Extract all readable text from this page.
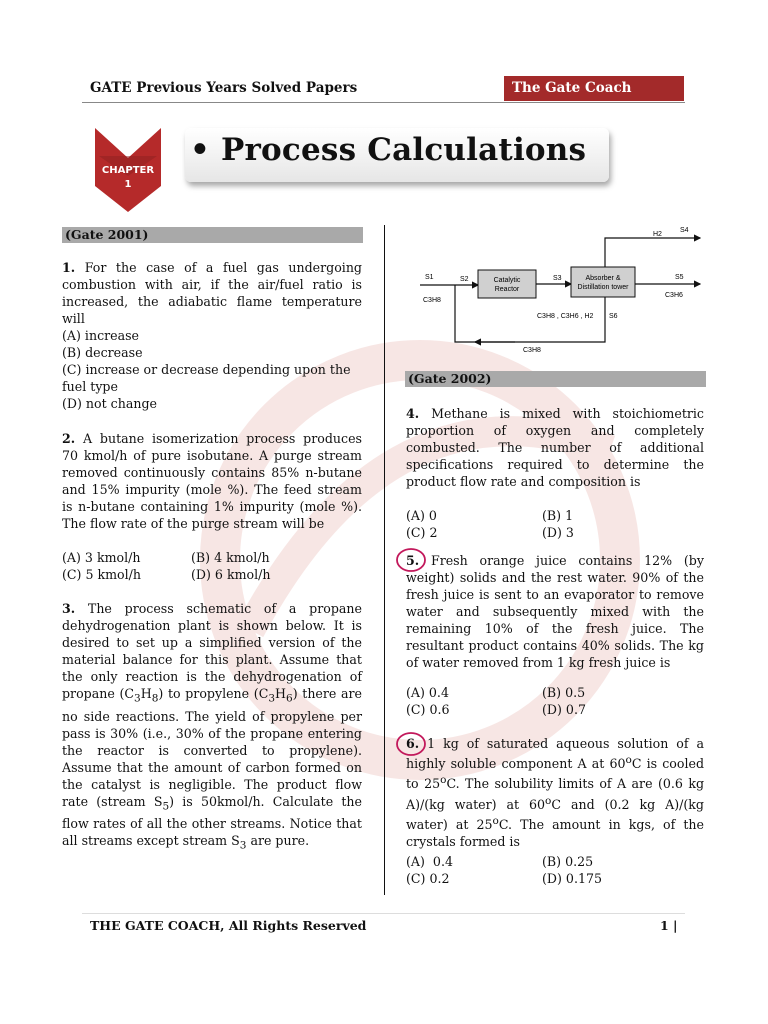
GATE Previous Years Solved Papers	The Gate Coach
CHAPTER
1
• Process Calculations
(Gate 2001)

1. For the case of a fuel gas undergoing combustion with air, if the air/fuel ratio is increased, the adiabatic flame temperature will

(A) increase
(B) decrease
(C) increase or decrease depending upon the fuel type
(D) not change

2. A butane isomerization process produces 70 kmol/h of pure isobutane. A purge stream removed continuously contains 85% n-butane and 15% impurity (mole %). The feed stream is n-butane containing 1% impurity (mole %). The flow rate of the purge stream will be

(A) 3 kmol/h	(B) 4 kmol/h
(C) 5 kmol/h	(D) 6 kmol/h

3. The process schematic of a propane dehydrogenation plant is shown below. It is desired to set up a simplified version of the material balance for this plant. Assume that the only reaction is the dehydrogenation of propane $(C_3H_8)$ to propylene $(C_3H_6)$ there are no side reactions. The yield of propylene per pass is 30% (i.e., 30% of the propane entering the reactor is converted to propylene). Assume that the amount of carbon formed on the catalyst is negligible. The product flow rate (stream $S_5$) is 50kmol/h. Calculate the flow rates of all the other streams. Notice that all streams except stream $S_3$ are pure.

S1
C3H8
S2	Catalytic Reactor
S3	Absorber & Distillation tower
H2
S4
S5
C3H6
C3H8 , C3H6 , H2 S6
C3H8
(Gate 2002)

4. Methane is mixed with stoichiometric proportion of oxygen and completely combusted. The number of additional specifications required to determine the product flow rate and composition is

(A) 0	(B) 1
(C) 2	(D) 3

5. Fresh orange juice contains 12% (by weight) solids and the rest water. 90% of the fresh juice is sent to an evaporator to remove water and subsequently mixed with the remaining 10% of the fresh juice. The resultant product contains 40% solids. The kg of water removed from 1 kg fresh juice is

(A) 0.4	(B) 0.5
(C) 0.6	(D) 0.7

6. 1 kg of saturated aqueous solution of a highly soluble component A at 60$^o$C is cooled to 25$^o$C. The solubility limits of A are (0.6 kg A)/(kg water) at 60$^o$C and (0.2 kg A)/(kg water) at 25$^o$C. The amount in kgs, of the crystals formed is

(A)  0.4	(B) 0.25
(C) 0.2	(D) 0.175
THE GATE COACH, All Rights Reserved	1 |
